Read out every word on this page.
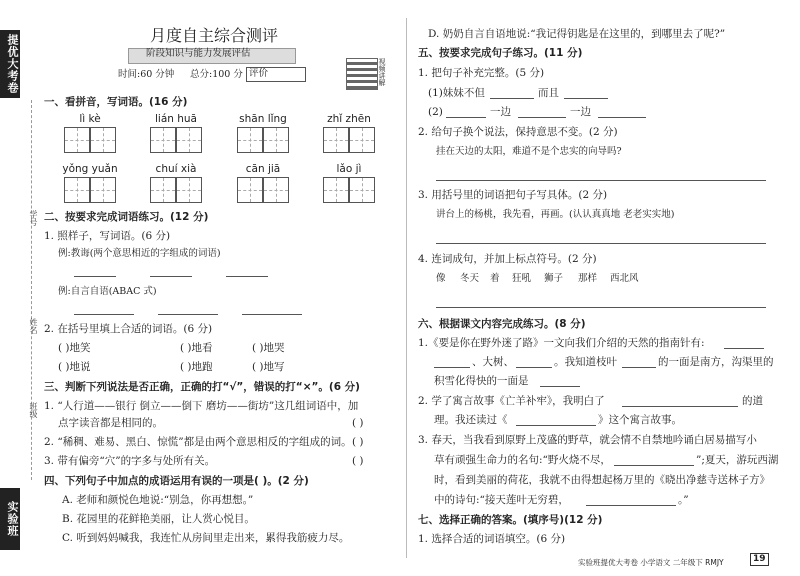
提优大考卷
实验班
学号
姓名
班级
月度自主综合测评
阶段知识与能力发展评估
时间:60 分钟 总分:100 分 评价	视频讲解
一、看拼音，写词语。(16 分)
lì kè	lián huā	shān lǐng	zhǐ zhēn
yǒng yuǎn	chuí xià	cān jiā	lǎo jì
二、按要求完成词语练习。(12 分)
1. 照样子，写词语。(6 分)
例:教诲(两个意思相近的字组成的词语)
例:自言自语(ABAC 式)
2. 在括号里填上合适的词语。(6 分)
( )地笑	( )地看	( )地哭
( )地说	( )地跑	( )地写
三、判断下列说法是否正确，正确的打“√”，错误的打“×”。(6 分)
1. “人行道——银行 倒立——倒下 磨坊——街坊”这几组词语中，加
点字读音都是相同的。	( )
2. “稀稠、难易、黑白、惊慌”都是由两个意思相反的字组成的词。 ( )
3. 带有偏旁“穴”的字多与处所有关。	( )
四、下列句子中加点的成语运用有误的一项是( )。(2 分)
A. 老师和颜悦色地说:“别急，你再想想。”
B. 花园里的花鲜艳美丽，让人赏心悦目。
C. 听到妈妈喊我，我连忙从房间里走出来，累得我筋疲力尽。
D. 奶奶自言自语地说:“我记得钥匙是在这里的，到哪里去了呢?”
五、按要求完成句子练习。(11 分)
1. 把句子补充完整。(5 分)
(1)妹妹不但	而且
(2)	一边	一边
2. 给句子换个说法，保持意思不变。(2 分)
挂在天边的太阳，难道不是个忠实的向导吗?
3. 用括号里的词语把句子写具体。(2 分)
讲台上的杨桃，我先看，再画。(认认真真地 老老实实地)
4. 连词成句，并加上标点符号。(2 分)
像 冬天 着 狂吼 狮子 那样 西北风
六、根据课文内容完成练习。(8 分)
1.《要是你在野外迷了路》一文向我们介绍的天然的指南针有:
、大树、	。我知道枝叶	的一面是南方，沟渠里的
积雪化得快的一面是
2. 学了寓言故事《亡羊补牢》，我明白了	的道
理。我还读过《	》这个寓言故事。
3. 春天，当我看到原野上茂盛的野草，就会情不自禁地吟诵白居易描写小
草有顽强生命力的名句:“野火烧不尽，	”;夏天，游玩西湖
时，看到美丽的荷花，我就不由得想起杨万里的《晓出净慈寺送林子方》
中的诗句:“接天莲叶无穷碧，	。”
七、选择正确的答案。(填序号)(12 分)
1. 选择合适的词语填空。(6 分)
实验班提优大考卷 小学语文 二年级下 RMJY	19
